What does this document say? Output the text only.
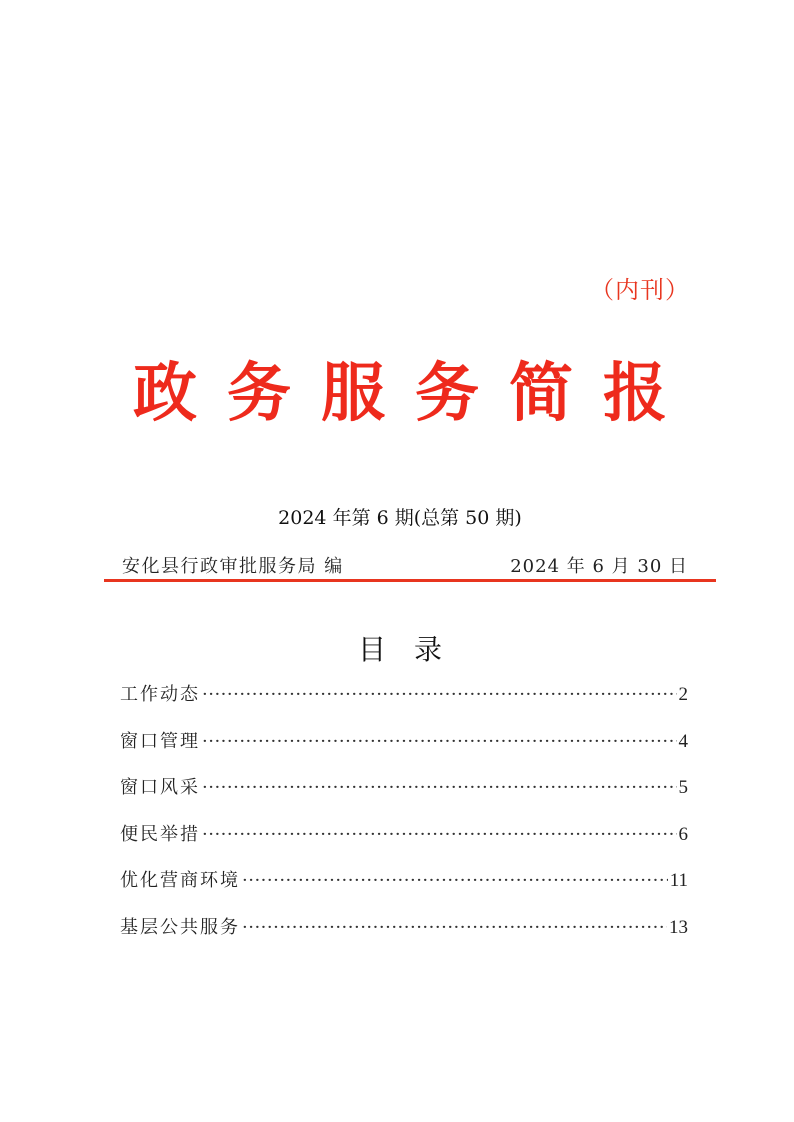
（内刊）
政务服务简报
2024 年第 6 期(总第 50 期)
安化县行政审批服务局 编	2024 年 6 月 30 日
目录
工作动态 ·····	2
窗口管理 ·····	4
窗口风采 ·····	5
便民举措 ·····	6
优化营商环境 ·····	11
基层公共服务 ·····	13
